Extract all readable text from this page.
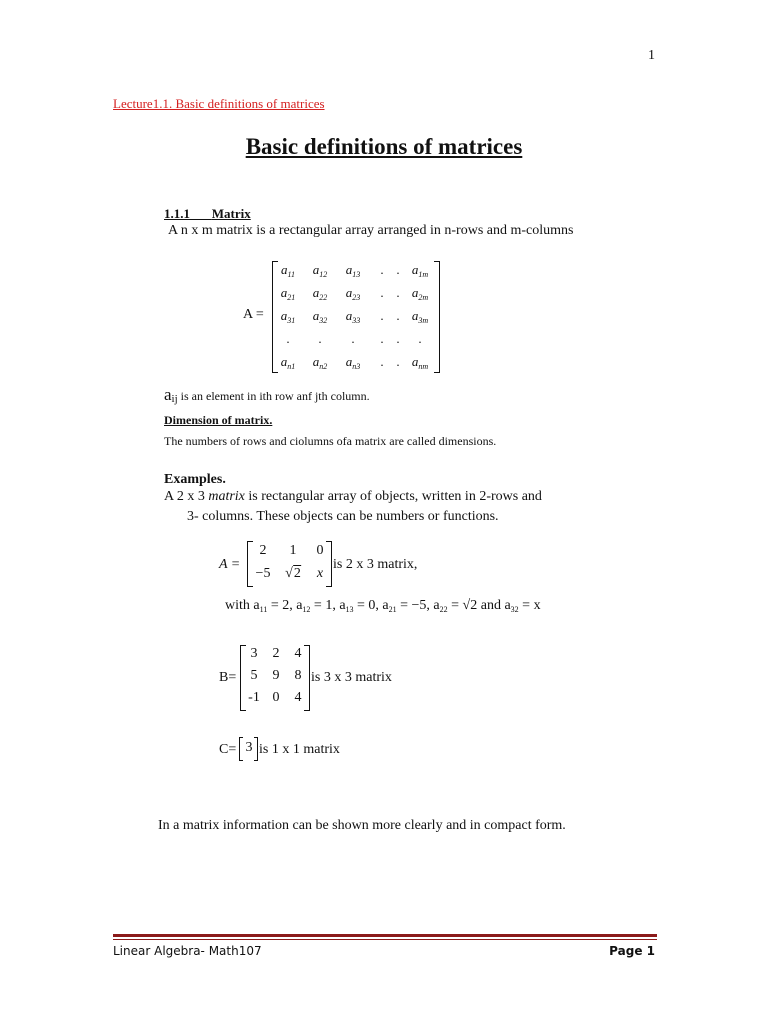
1
Lecture1.1. Basic definitions of matrices
Basic definitions of matrices
1.1.1 Matrix
A n x m matrix is a rectangular array arranged in n-rows and m-columns
A =
$a_{11}$ $a_{12}$ $a_{13}$ . . $a_{1m}$
$a_{21}$ $a_{22}$ $a_{23}$ . . $a_{2m}$
$a_{31}$ $a_{32}$ $a_{33}$ . . $a_{3m}$
. . . . . .
$a_{n1}$ $a_{n2}$ $a_{n3}$ . . $a_{nm}$
aij is an element in ith row anf jth column.
Dimension of matrix.
The numbers of rows and ciolumns ofa matrix are called dimensions.
Examples.
A 2 x 3 matrix is rectangular array of objects, written in 2-rows and
3- columns. These objects can be numbers or functions.
A =
2 1 0
−5 √2 x
is 2 x 3 matrix,
with $a_{11} = 2$, $a_{12} = 1$, $a_{13} = 0$, $a_{21} = -5$, $a_{22} = √2$ and $a_{32} = x$
B=
3 2 4
5 9 8
-1 0 4
is 3 x 3 matrix
C= 3 is 1 x 1 matrix
In a matrix information can be shown more clearly and in compact form.
Linear Algebra- Math107	Page 1
